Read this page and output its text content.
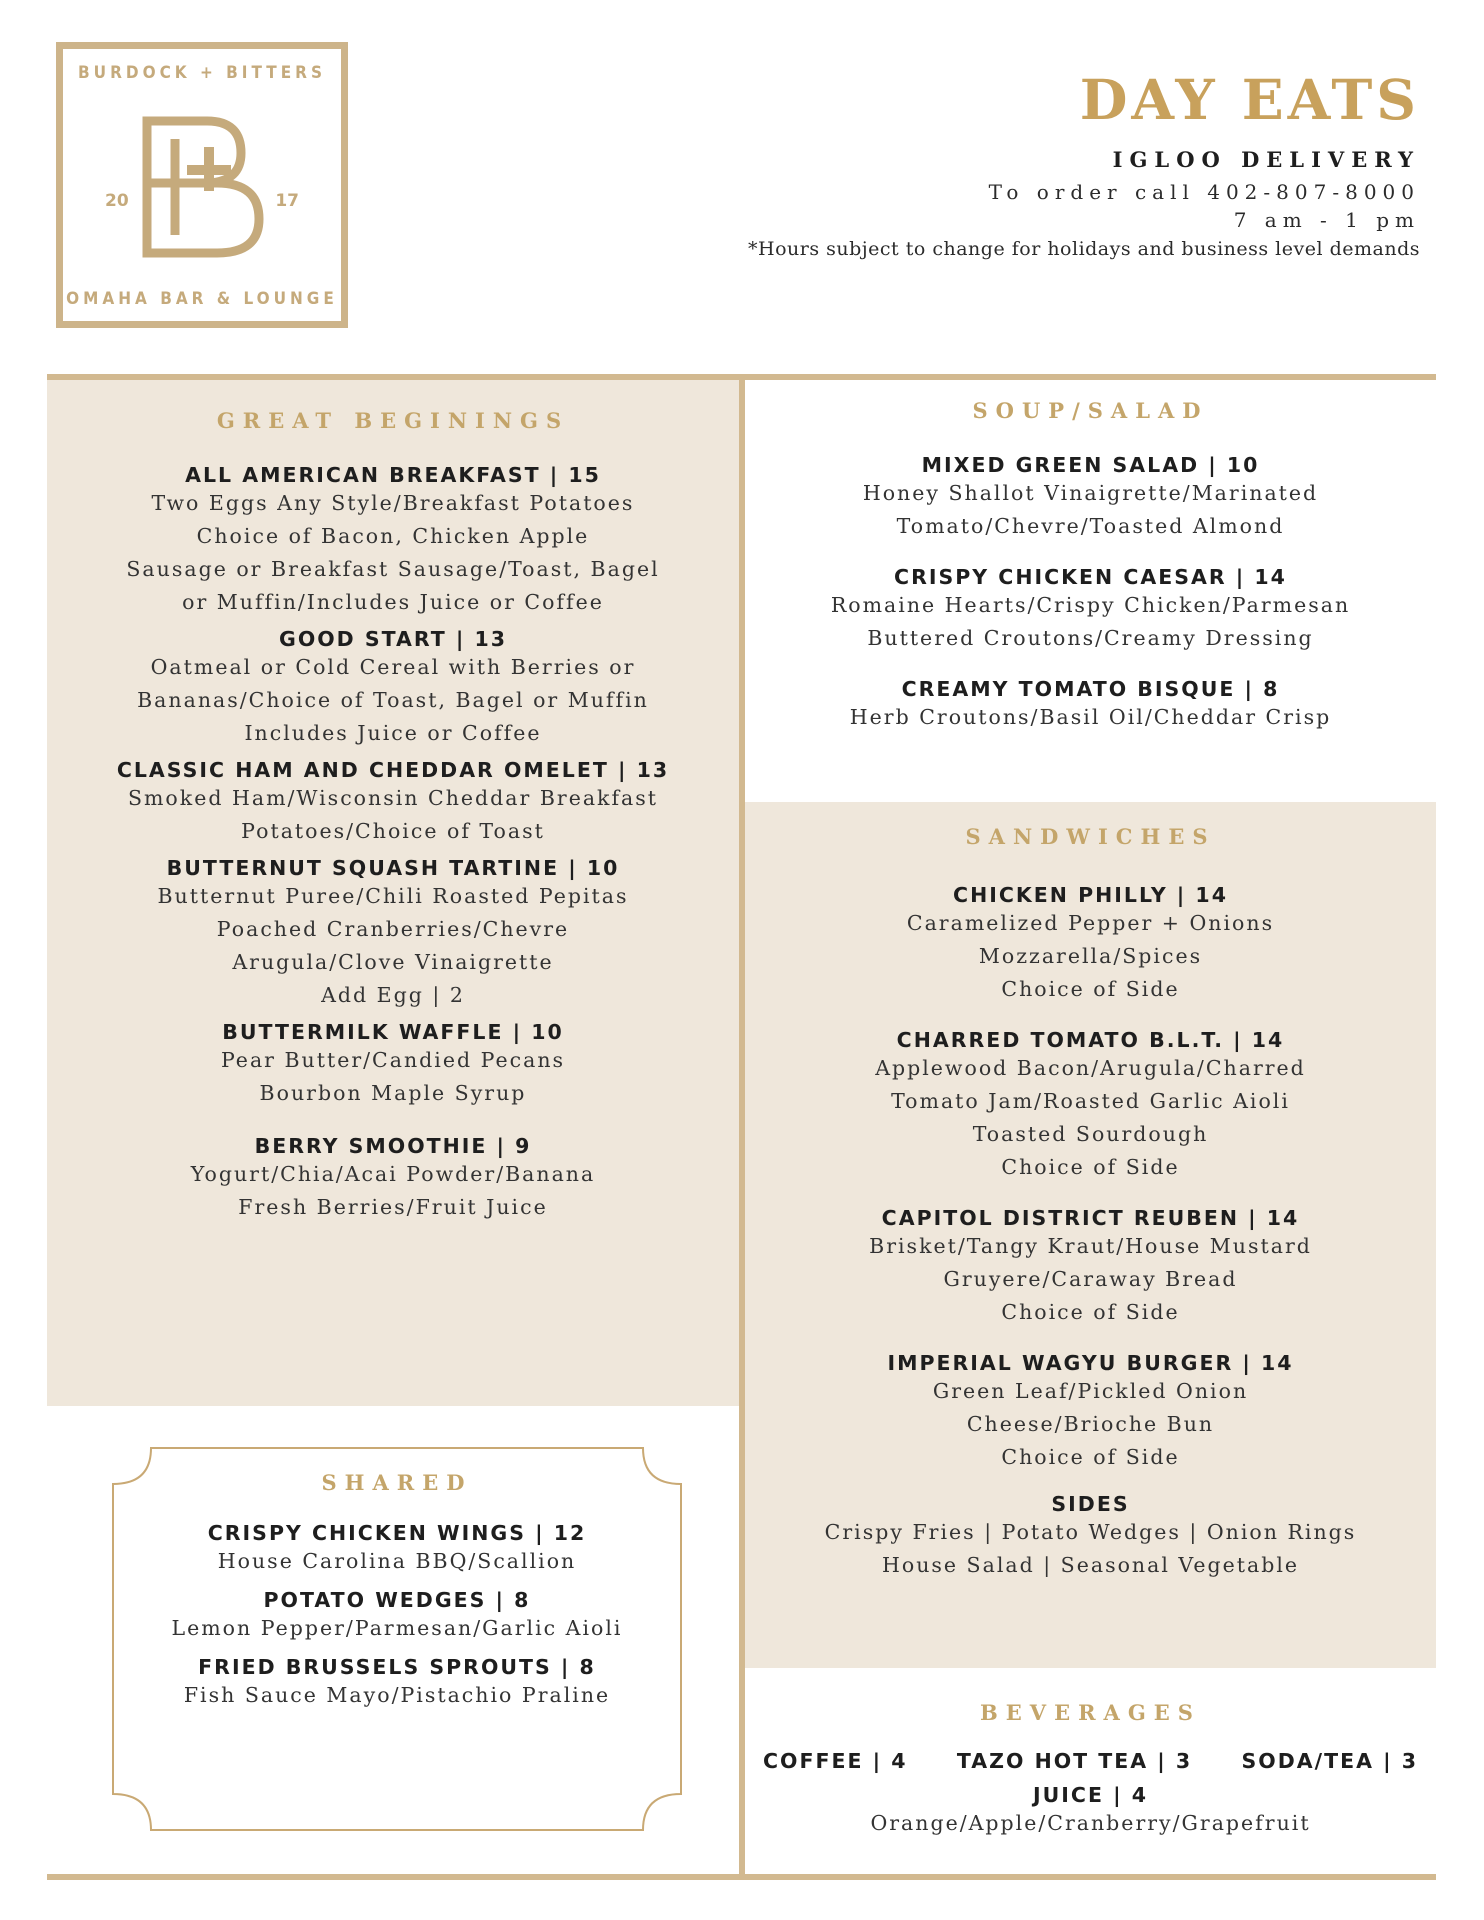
BURDOCK + BITTERS
20	17
OMAHA BAR & LOUNGE
DAY EATS
IGLOO DELIVERY
To order call 402-807-8000
7 am - 1 pm
*Hours subject to change for holidays and business level demands
GREAT BEGININGS
ALL AMERICAN BREAKFAST | 15
Two Eggs Any Style/Breakfast Potatoes
Choice of Bacon, Chicken Apple
Sausage or Breakfast Sausage/Toast, Bagel
or Muffin/Includes Juice or Coffee
GOOD START | 13
Oatmeal or Cold Cereal with Berries or
Bananas/Choice of Toast, Bagel or Muffin
Includes Juice or Coffee
CLASSIC HAM AND CHEDDAR OMELET | 13
Smoked Ham/Wisconsin Cheddar Breakfast
Potatoes/Choice of Toast
BUTTERNUT SQUASH TARTINE | 10
Butternut Puree/Chili Roasted Pepitas
Poached Cranberries/Chevre
Arugula/Clove Vinaigrette
Add Egg | 2
BUTTERMILK WAFFLE | 10
Pear Butter/Candied Pecans
Bourbon Maple Syrup
BERRY SMOOTHIE | 9
Yogurt/Chia/Acai Powder/Banana
Fresh Berries/Fruit Juice
SHARED
CRISPY CHICKEN WINGS | 12
House Carolina BBQ/Scallion
POTATO WEDGES | 8
Lemon Pepper/Parmesan/Garlic Aioli
FRIED BRUSSELS SPROUTS | 8
Fish Sauce Mayo/Pistachio Praline
SOUP/SALAD
MIXED GREEN SALAD | 10
Honey Shallot Vinaigrette/Marinated
Tomato/Chevre/Toasted Almond
CRISPY CHICKEN CAESAR | 14
Romaine Hearts/Crispy Chicken/Parmesan
Buttered Croutons/Creamy Dressing
CREAMY TOMATO BISQUE | 8
Herb Croutons/Basil Oil/Cheddar Crisp
SANDWICHES
CHICKEN PHILLY | 14
Caramelized Pepper + Onions
Mozzarella/Spices
Choice of Side
CHARRED TOMATO B.L.T. | 14
Applewood Bacon/Arugula/Charred
Tomato Jam/Roasted Garlic Aioli
Toasted Sourdough
Choice of Side
CAPITOL DISTRICT REUBEN | 14
Brisket/Tangy Kraut/House Mustard
Gruyere/Caraway Bread
Choice of Side
IMPERIAL WAGYU BURGER | 14
Green Leaf/Pickled Onion
Cheese/Brioche Bun
Choice of Side
SIDES
Crispy Fries | Potato Wedges | Onion Rings
House Salad | Seasonal Vegetable
BEVERAGES
COFFEE | 4 TAZO HOT TEA | 3 SODA/TEA | 3
JUICE | 4
Orange/Apple/Cranberry/Grapefruit
